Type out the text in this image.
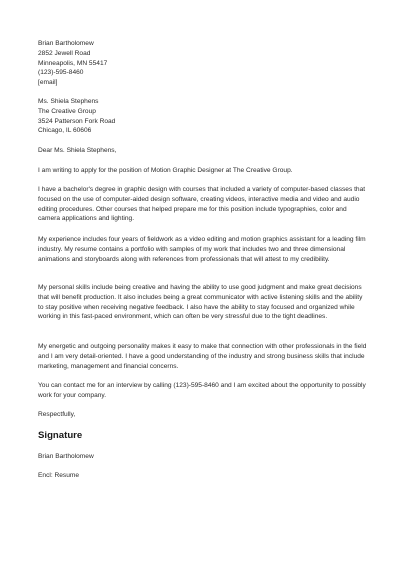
Brian Bartholomew
2852 Jewell Road
Minneapolis, MN 55417
(123)-595-8460
[email]
Ms. Shiela Stephens
The Creative Group
3524 Patterson Fork Road
Chicago, IL 60606

Dear Ms. Shiela Stephens,

I am writing to apply for the position of Motion Graphic Designer at The Creative Group.

I have a bachelor's degree in graphic design with courses that included a variety of computer-based classes that focused on the use of computer-aided design software, creating videos, interactive media and video and audio editing procedures. Other courses that helped prepare me for this position include typographies, color and camera applications and lighting.

My experience includes four years of fieldwork as a video editing and motion graphics assistant for a leading film industry. My resume contains a portfolio with samples of my work that includes two and three dimensional animations and storyboards along with references from professionals that will attest to my credibility.

My personal skills include being creative and having the ability to use good judgment and make great decisions that will benefit production. It also includes being a great communicator with active listening skills and the ability to stay positive when receiving negative feedback. I also have the ability to stay focused and organized while working in this fast-paced environment, which can often be very stressful due to the tight deadlines.

My energetic and outgoing personality makes it easy to make that connection with other professionals in the field and I am very detail-oriented. I have a good understanding of the industry and strong business skills that include marketing, management and financial concerns.

You can contact me for an interview by calling (123)-595-8460 and I am excited about the opportunity to possibly work for your company.

Respectfully,

Signature

Brian Bartholomew

Encl: Resume
